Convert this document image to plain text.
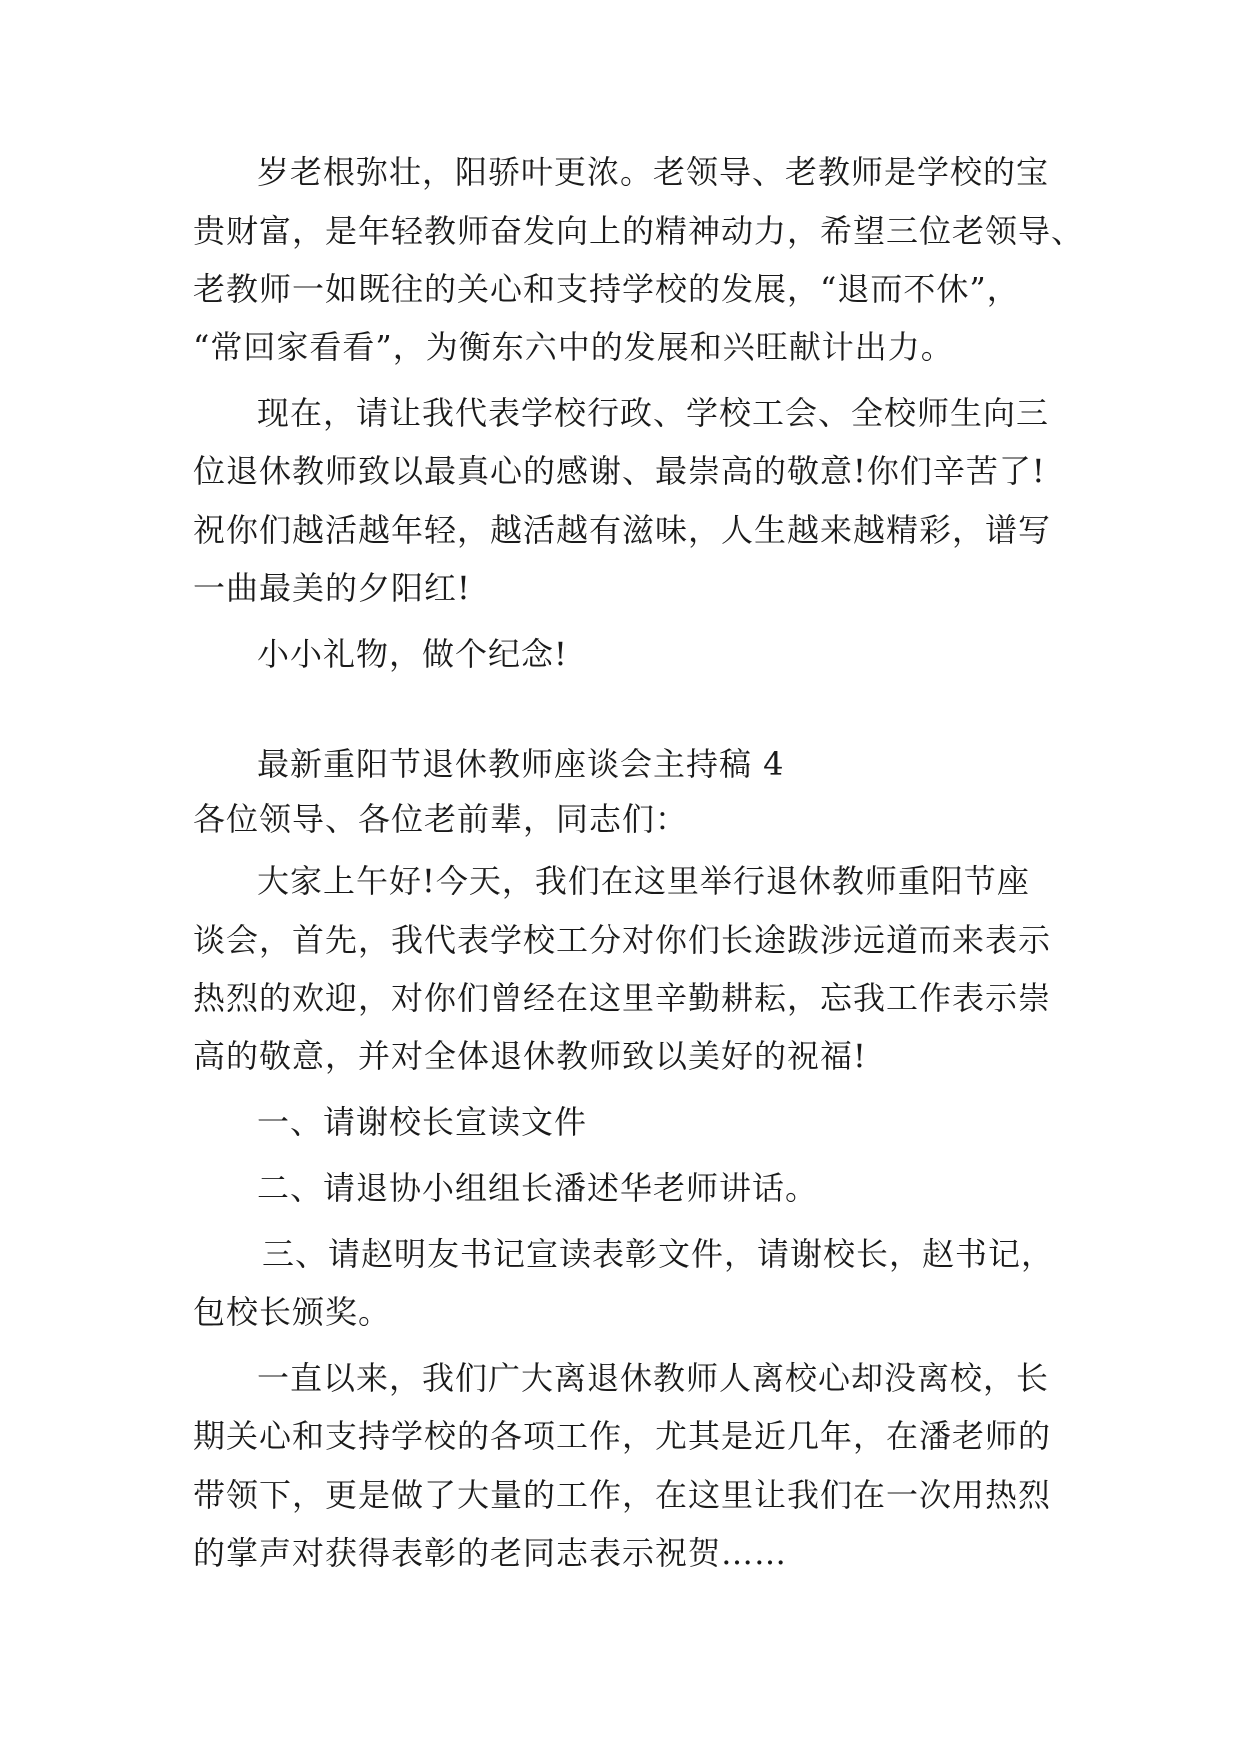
岁老根弥壮，阳骄叶更浓。老领导、老教师是学校的宝
贵财富，是年轻教师奋发向上的精神动力，希望三位老领导、
老教师一如既往的关心和支持学校的发展，“退而不休”，
“常回家看看”，为衡东六中的发展和兴旺献计出力。
现在，请让我代表学校行政、学校工会、全校师生向三
位退休教师致以最真心的感谢、最崇高的敬意!你们辛苦了!
祝你们越活越年轻，越活越有滋味，人生越来越精彩，谱写
一曲最美的夕阳红!
小小礼物，做个纪念!
最新重阳节退休教师座谈会主持稿 4
各位领导、各位老前辈，同志们：
大家上午好!今天，我们在这里举行退休教师重阳节座
谈会，首先，我代表学校工分对你们长途跋涉远道而来表示
热烈的欢迎，对你们曾经在这里辛勤耕耘，忘我工作表示崇
高的敬意，并对全体退休教师致以美好的祝福!
一、请谢校长宣读文件
二、请退协小组组长潘述华老师讲话。
三、请赵明友书记宣读表彰文件，请谢校长，赵书记，
包校长颁奖。
一直以来，我们广大离退休教师人离校心却没离校，长
期关心和支持学校的各项工作，尤其是近几年，在潘老师的
带领下，更是做了大量的工作，在这里让我们在一次用热烈
的掌声对获得表彰的老同志表示祝贺……
